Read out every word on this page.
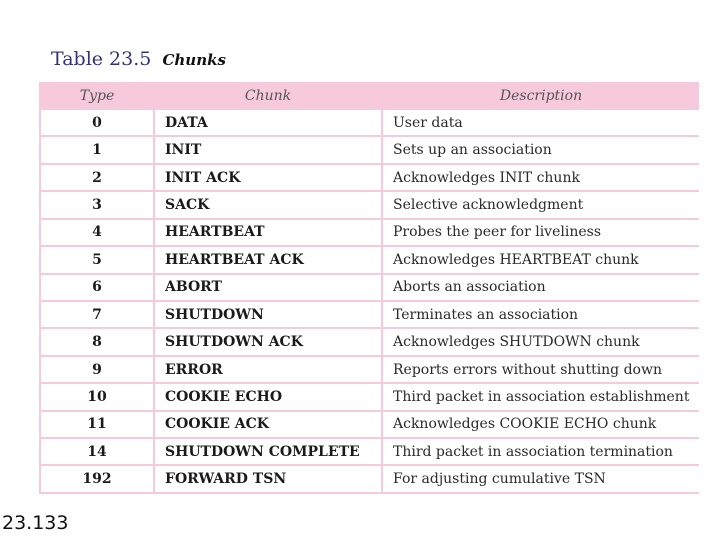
Table 23.5 Chunks
Type	Chunk	Description
0	DATA	User data
1	INIT	Sets up an association
2	INIT ACK	Acknowledges INIT chunk
3	SACK	Selective acknowledgment
4	HEARTBEAT	Probes the peer for liveliness
5	HEARTBEAT ACK	Acknowledges HEARTBEAT chunk
6	ABORT	Aborts an association
7	SHUTDOWN	Terminates an association
8	SHUTDOWN ACK	Acknowledges SHUTDOWN chunk
9	ERROR	Reports errors without shutting down
10	COOKIE ECHO	Third packet in association establishment
11	COOKIE ACK	Acknowledges COOKIE ECHO chunk
14	SHUTDOWN COMPLETE	Third packet in association termination
192	FORWARD TSN	For adjusting cumulative TSN
23.133
